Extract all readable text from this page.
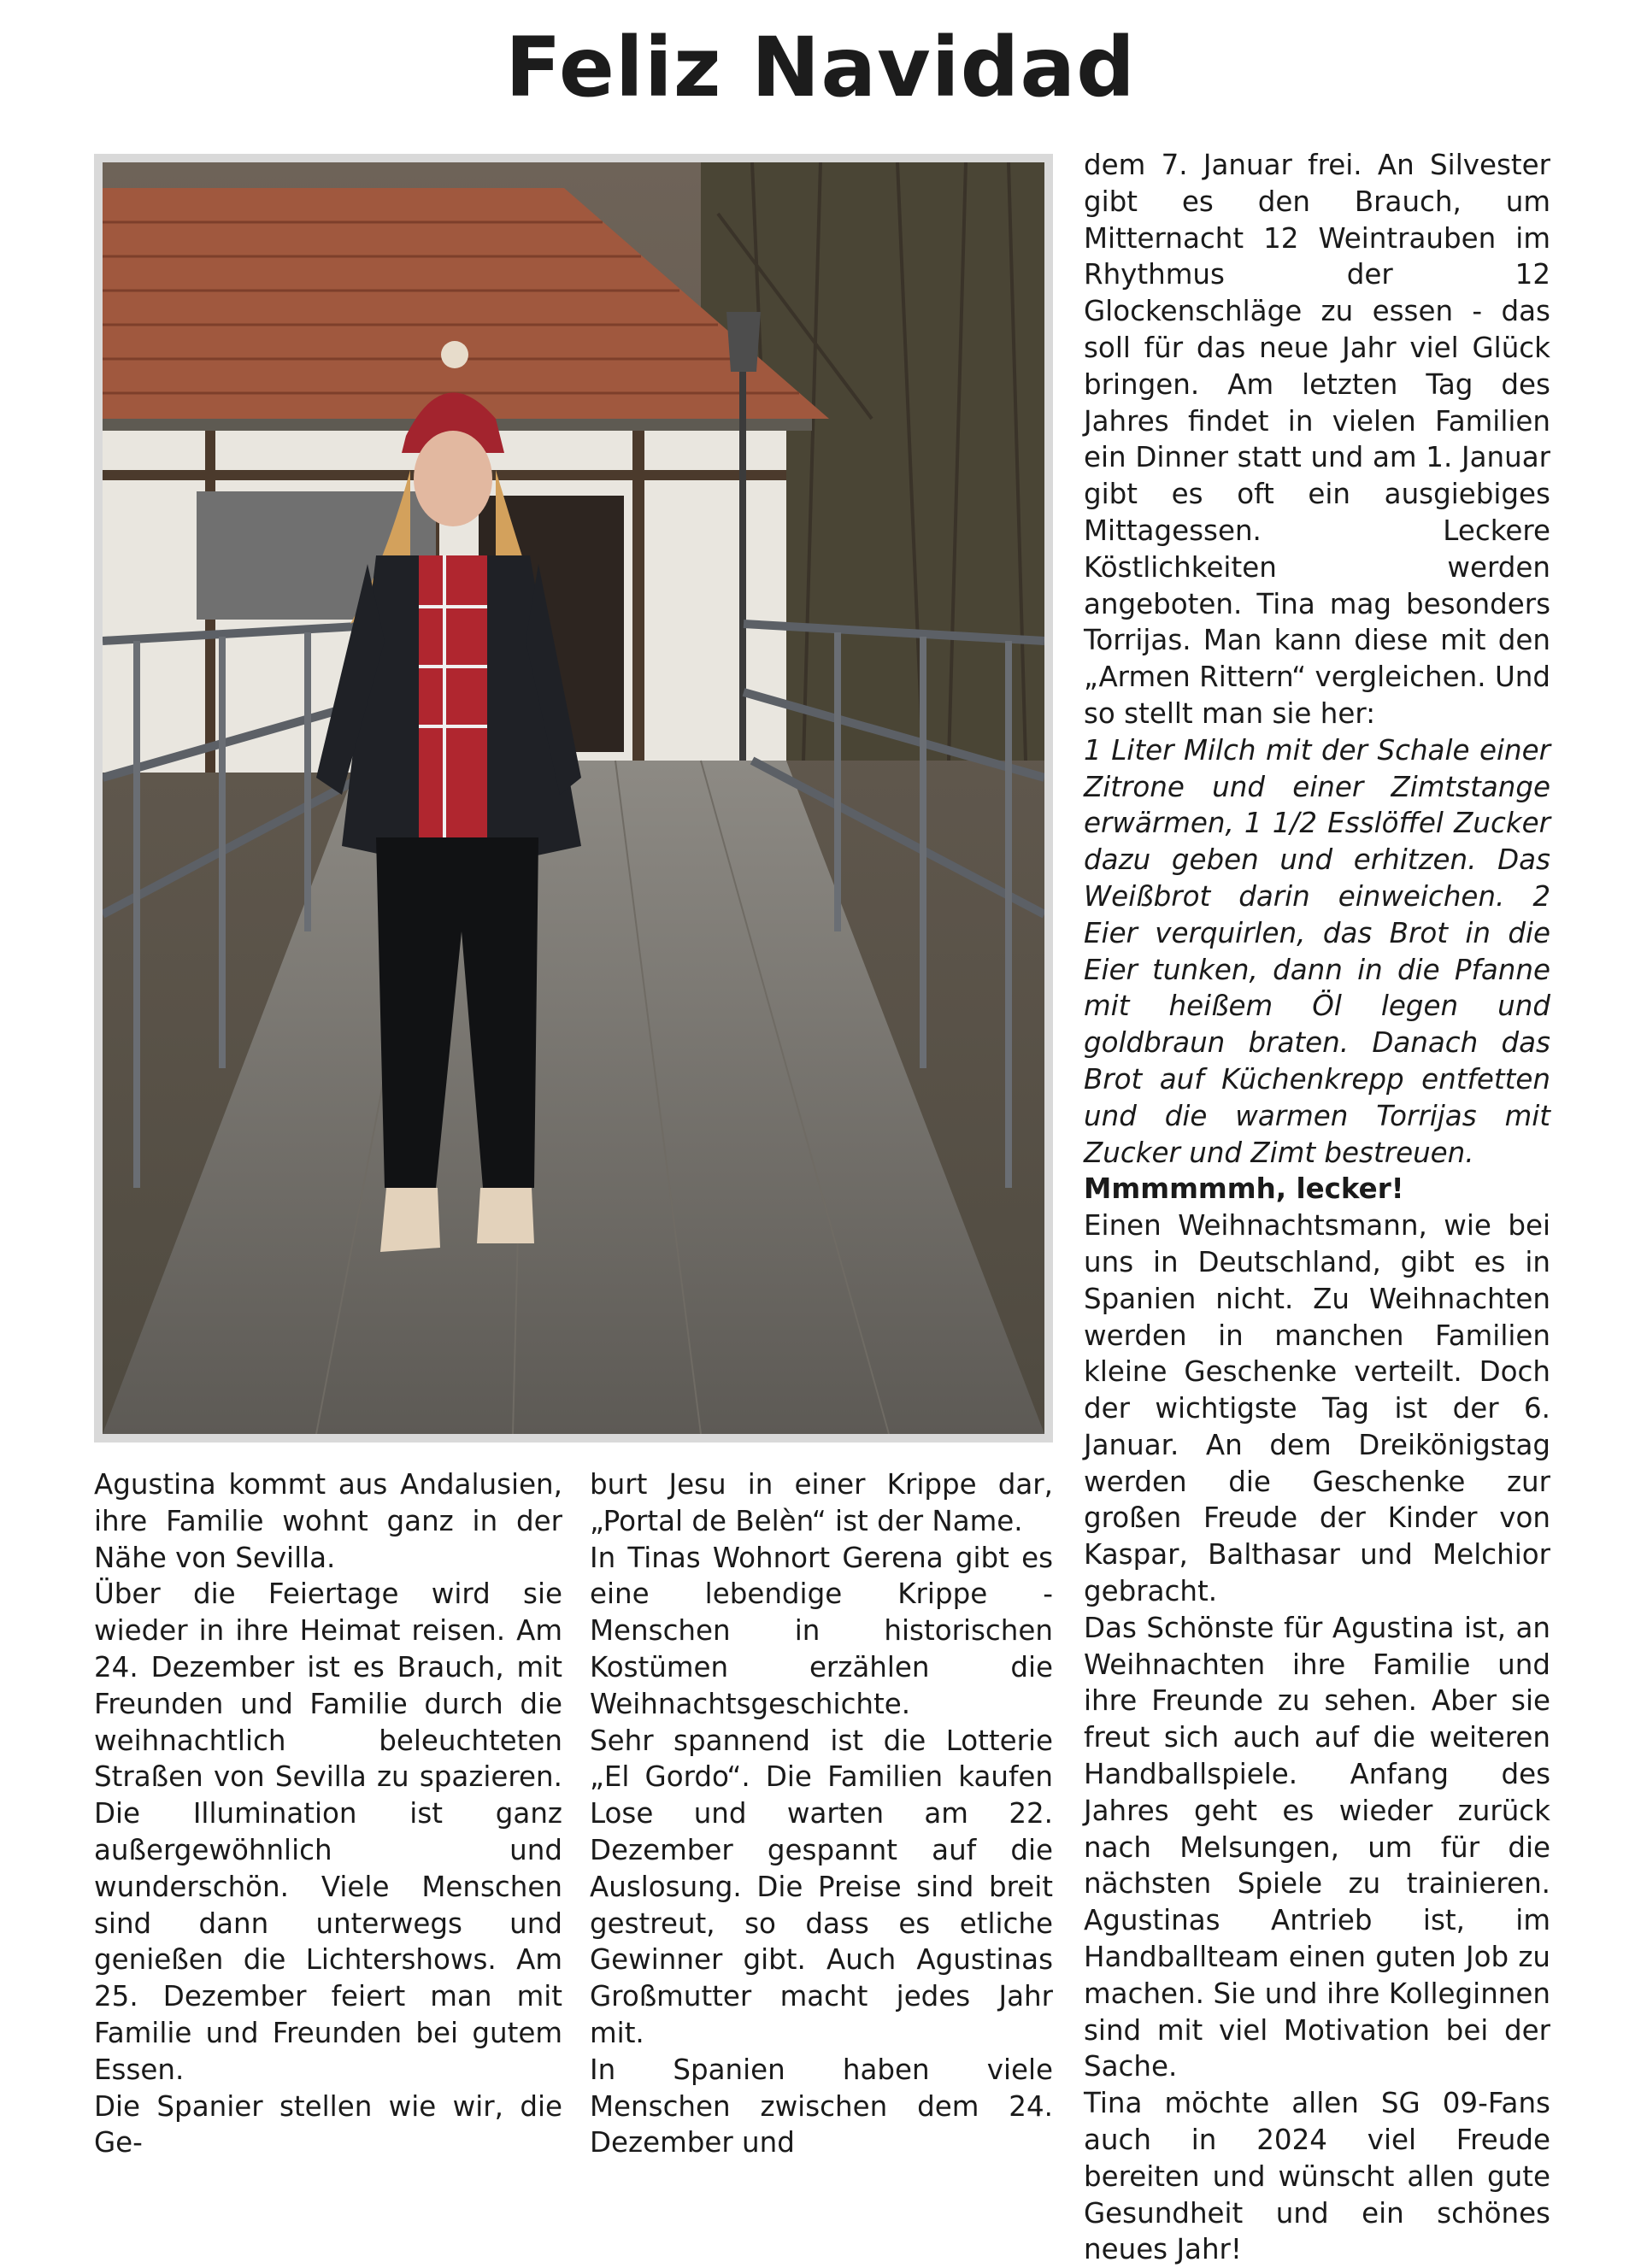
Feliz Navidad

dem 7. Januar frei. An Silvester gibt es den Brauch, um Mitternacht 12 Weintrauben im Rhythmus der 12 Glockenschläge zu essen - das soll für das neue Jahr viel Glück bringen. Am letzten Tag des Jahres findet in vielen Familien ein Dinner statt und am 1. Januar gibt es oft ein ausgiebiges Mittagessen. Leckere Köstlichkeiten werden angeboten. Tina mag besonders Torrijas. Man kann diese mit den „Armen Rittern“ vergleichen. Und so stellt man sie her:

1 Liter Milch mit der Schale einer Zitrone und einer Zimtstange erwärmen, 1 1/2 Esslöffel Zucker dazu geben und erhitzen. Das Weißbrot darin einweichen. 2 Eier verquirlen, das Brot in die Eier tunken, dann in die Pfanne mit heißem Öl legen und goldbraun braten. Danach das Brot auf Küchenkrepp entfetten und die warmen Torrijas mit Zucker und Zimt bestreuen.

Mmmmmmh, lecker!

Einen Weihnachtsmann, wie bei uns in Deutschland, gibt es in Spanien nicht. Zu Weihnachten werden in manchen Familien kleine Geschenke verteilt. Doch der wichtigste Tag ist der 6. Januar. An dem Dreikönigstag werden die Geschenke zur großen Freude der Kinder von Kaspar, Balthasar und Melchior gebracht.

Das Schönste für Agustina ist, an Weihnachten ihre Familie und ihre Freunde zu sehen. Aber sie freut sich auch auf die weiteren Handballspiele. Anfang des Jahres geht es wieder zurück nach Melsungen, um für die nächsten Spiele zu trainieren. Agustinas Antrieb ist, im Handballteam einen guten Job zu machen. Sie und ihre Kolleginnen sind mit viel Motivation bei der Sache.

Tina möchte allen SG 09-Fans auch in 2024 viel Freude bereiten und wünscht allen gute Gesundheit und ein schönes neues Jahr!

Agustina kommt aus Andalusien, ihre Familie wohnt ganz in der Nähe von Sevilla.

Über die Feiertage wird sie wieder in ihre Heimat reisen. Am 24. Dezember ist es Brauch, mit Freunden und Familie durch die weihnachtlich beleuchteten Straßen von Sevilla zu spazieren. Die Illumination ist ganz außergewöhnlich und wunderschön. Viele Menschen sind dann unterwegs und genießen die Lichtershows. Am 25. Dezember feiert man mit Familie und Freunden bei gutem Essen.

Die Spanier stellen wie wir, die Ge-

burt Jesu in einer Krippe dar, „Portal de Belèn“ ist der Name.

In Tinas Wohnort Gerena gibt es eine lebendige Krippe - Menschen in historischen Kostümen erzählen die Weihnachtsgeschichte.

Sehr spannend ist die Lotterie „El Gordo“. Die Familien kaufen Lose und warten am 22. Dezember gespannt auf die Auslosung. Die Preise sind breit gestreut, so dass es etliche Gewinner gibt. Auch Agustinas Großmutter macht jedes Jahr mit.

In Spanien haben viele Menschen zwischen dem 24. Dezember und
